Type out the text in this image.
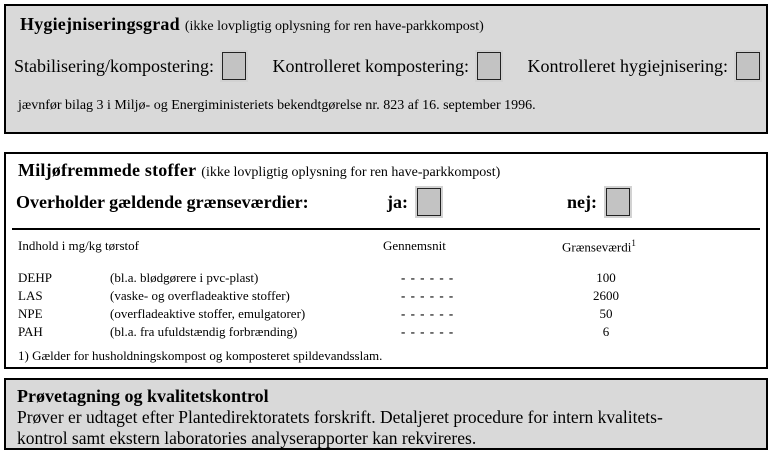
Hygiejniseringsgrad (ikke lovpligtig oplysning for ren have-parkkompost)
Stabilisering/kompostering:	Kontrolleret kompostering:	Kontrolleret hygiejnisering:
jævnfør bilag 3 i Miljø- og Energiministeriets bekendtgørelse nr. 823 af 16. september 1996.
Miljøfremmede stoffer (ikke lovpligtig oplysning for ren have-parkkompost)
Overholder gældende grænseværdier:	ja:	nej:
Indhold i mg/kg tørstof	Gennemsnit	Grænseværdi$^1$
DEHP	(bl.a. blødgørere i pvc-plast)	- - - - - -	100
LAS	(vaske- og overfladeaktive stoffer)	- - - - - -	2600
NPE	(overfladeaktive stoffer, emulgatorer)	- - - - - -	50
PAH	(bl.a. fra ufuldstændig forbrænding)	- - - - - -	6
1) Gælder for husholdningskompost og komposteret spildevandsslam.
Prøvetagning og kvalitetskontrol
Prøver er udtaget efter Plantedirektoratets forskrift. Detaljeret procedure for intern kvalitets-
kontrol samt ekstern laboratories analyserapporter kan rekvireres.
